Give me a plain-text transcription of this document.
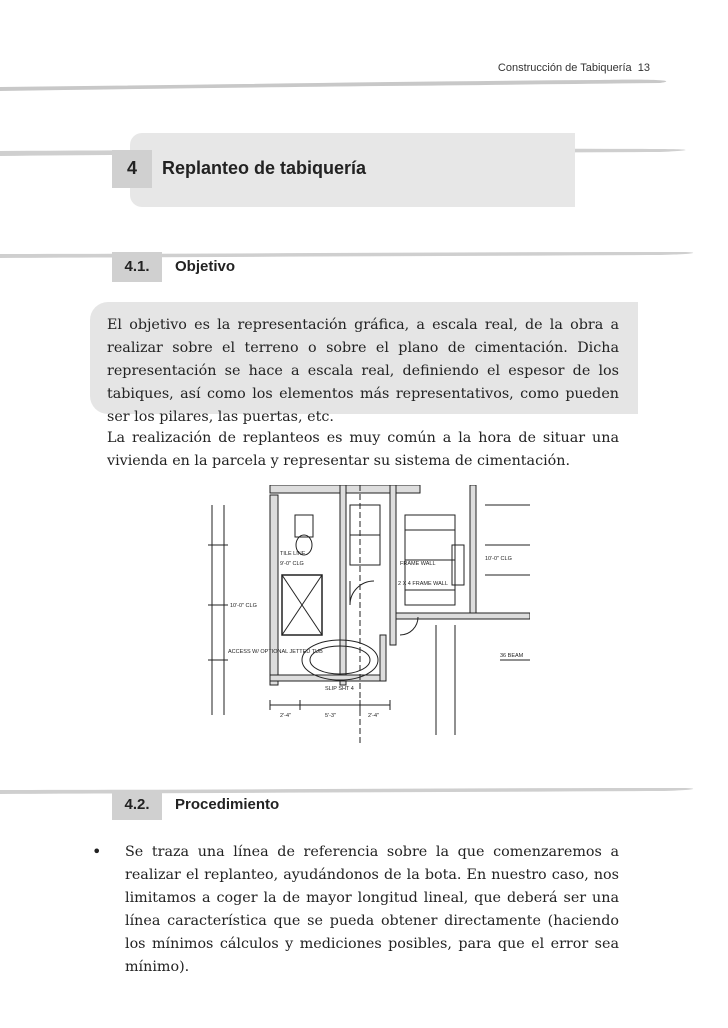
Construcción de Tabiquería 13
4	Replanteo de tabiquería
4.1.	Objetivo
El objetivo es la representación gráfica, a escala real, de la obra a realizar sobre el terreno o sobre el plano de cimentación. Dicha representación se hace a escala real, definiendo el espesor de los tabiques, así como los elementos más representativos, como pueden ser los pilares, las puertas, etc.
La realización de replanteos es muy común a la hora de situar una vivienda en la parcela y representar su sistema de cimentación.
TILE LINE
9'-0" CLG	FRAME WALL
2 X 4 FRAME WALL
10'-0" CLG
10'-0" CLG
ACCESS W/ OPTIONAL JETTED TUB
SLIP SHT 4
36 BEAM
2'-4"	5'-3"	2'-4"
4.2.	Procedimiento
• Se traza una línea de referencia sobre la que comenzaremos a realizar el replanteo, ayudándonos de la bota. En nuestro caso, nos limitamos a coger la de mayor longitud lineal, que deberá ser una línea característica que se pueda obtener directamente (haciendo los mínimos cálculos y mediciones posibles, para que el error sea mínimo).
